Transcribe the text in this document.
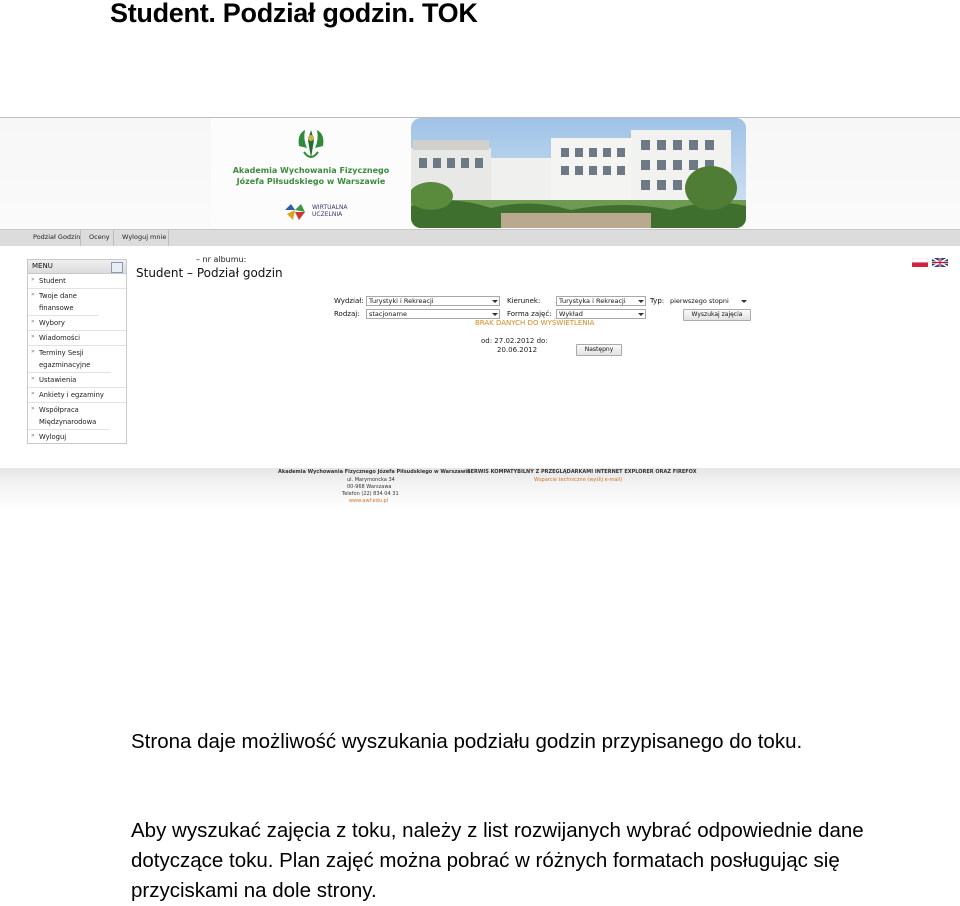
Student. Podział godzin. TOK
Akademia Wychowania Fizycznego
Józefa Piłsudskiego w Warszawie
WIRTUALNA
UCZELNIA
Podział Godzin Oceny Wyloguj mnie
MENU
» Student
» Twoje dane finansowe
» Wybory
» Wiadomości
» Terminy Sesji egazminacyjne
» Ustawienia
» Ankiety i egzaminy
» Współpraca Międzynarodowa
» Wyloguj
– nr albumu:
Student – Podział godzin
Wydział: Turystyki i Rekreacji	Kierunek:	Turystyka i Rekreacji	Typ: pierwszego stopni
Rodzaj:	stacjonarne	Forma zajęć:	Wykład	Wyszukaj zajęcia
BRAK DANYCH DO WYŚWIETLENIA
od: 27.02.2012 do:
20.06.2012	Następny
Akademia Wychowania Fizycznego Józefa Piłsudskiego w Warszawie
SERWIS KOMPATYBILNY Z PRZEGLĄDARKAMI INTERNET EXPLORER ORAZ FIREFOX
Wsparcie techniczne (wyślij e-mail)
ul. Marymoncka 34
00-968 Warszawa
Telefon (22) 834 04 31
www.awf.edu.pl
Strona daje możliwość wyszukania podziału godzin przypisanego do toku.
Aby wyszukać zajęcia z toku, należy z list rozwijanych wybrać odpowiednie dane dotyczące toku. Plan zajęć można pobrać w różnych formatach posługując się przyciskami na dole strony.
